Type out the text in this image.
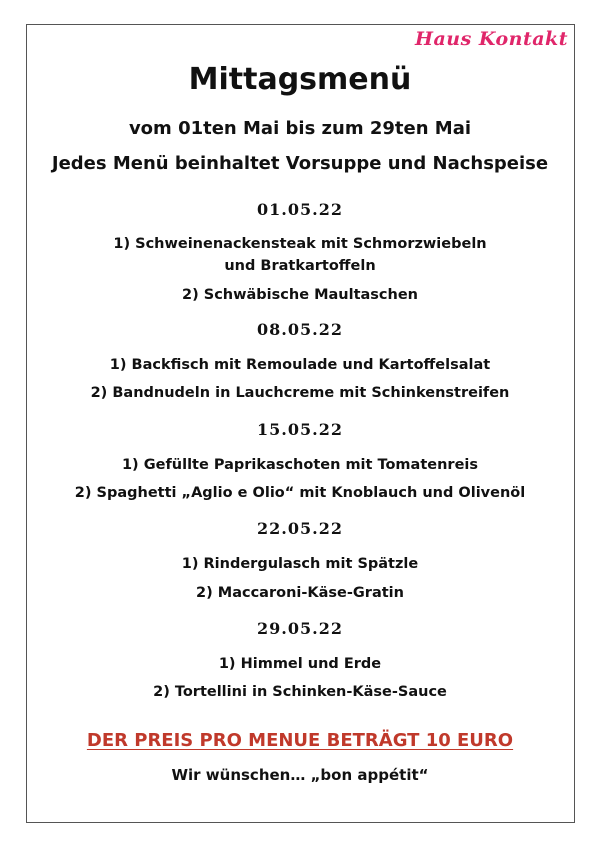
Haus Kontakt
Mittagsmenü
vom 01ten Mai bis zum 29ten Mai
Jedes Menü beinhaltet Vorsuppe und Nachspeise
01.05.22
1) Schweinenackensteak mit Schmorzwiebeln
und Bratkartoffeln
2) Schwäbische Maultaschen
08.05.22
1) Backfisch mit Remoulade und Kartoffelsalat
2) Bandnudeln in Lauchcreme mit Schinkenstreifen
15.05.22
1) Gefüllte Paprikaschoten mit Tomatenreis
2) Spaghetti „Aglio e Olio“ mit Knoblauch und Olivenöl
22.05.22
1) Rindergulasch mit Spätzle
2) Maccaroni-Käse-Gratin
29.05.22
1) Himmel und Erde
2) Tortellini in Schinken-Käse-Sauce
DER PREIS PRO MENUE BETRÄGT 10 EURO
Wir wünschen… „bon appétit“
